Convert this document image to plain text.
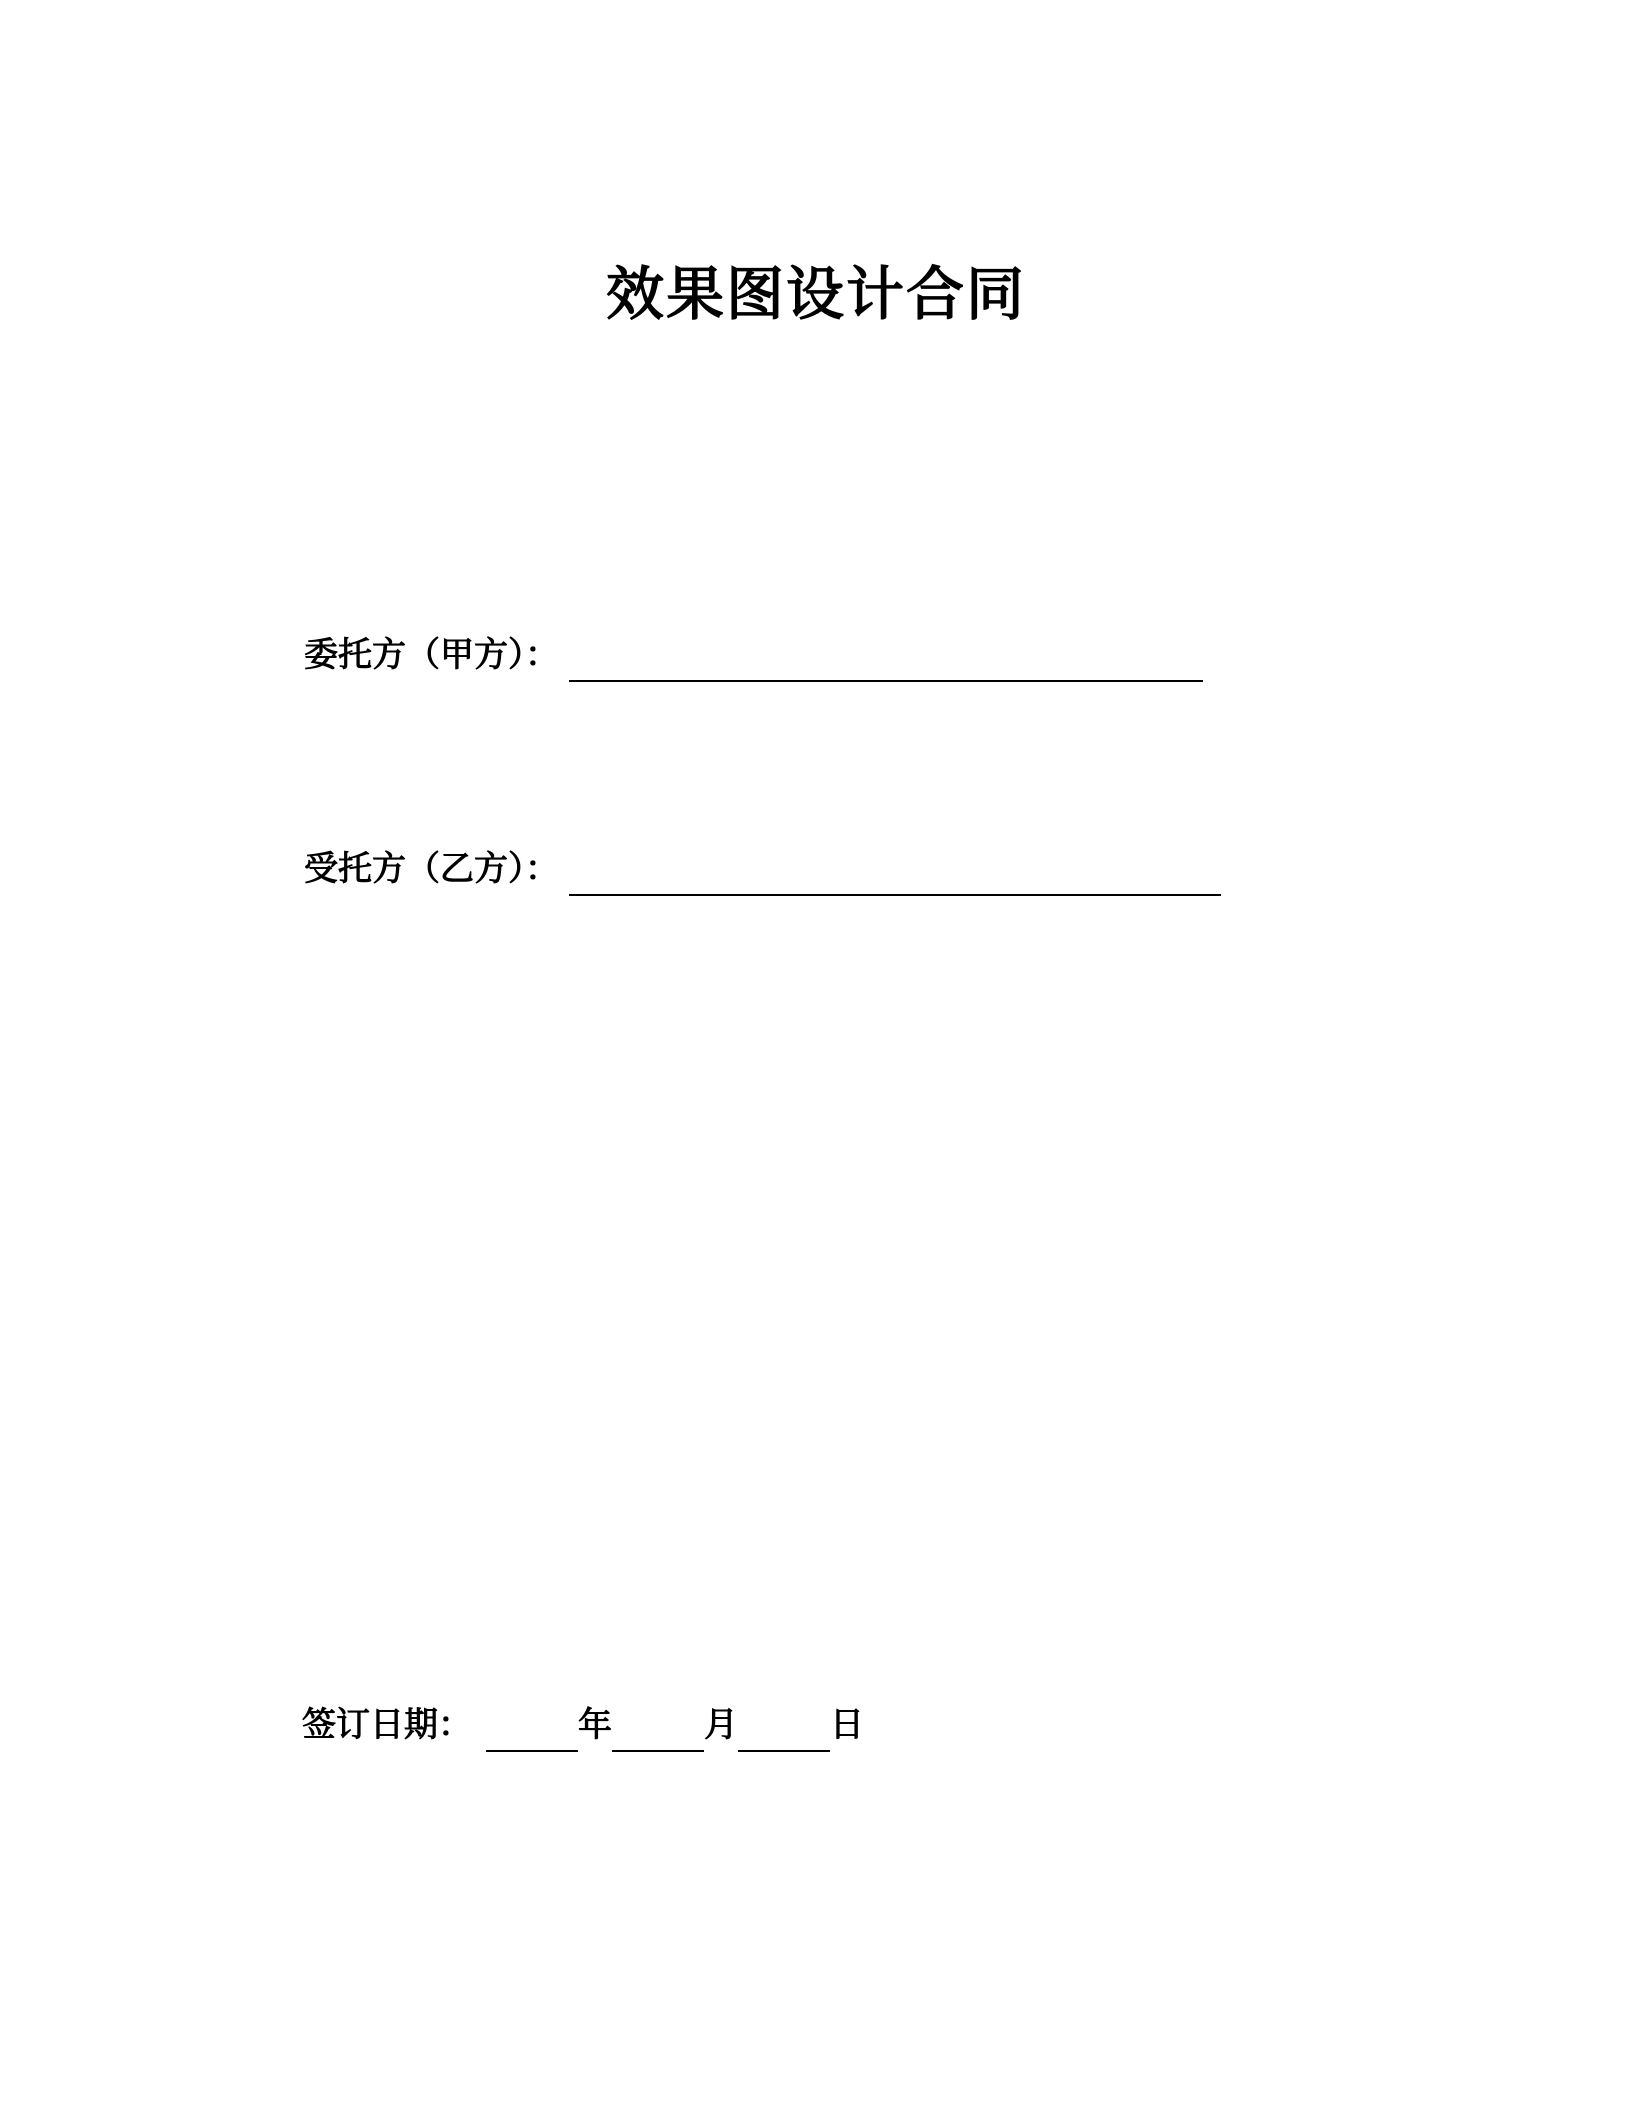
效果图设计合同
委托方（甲方）：
受托方（乙方）：
签订日期：	年	月	日
